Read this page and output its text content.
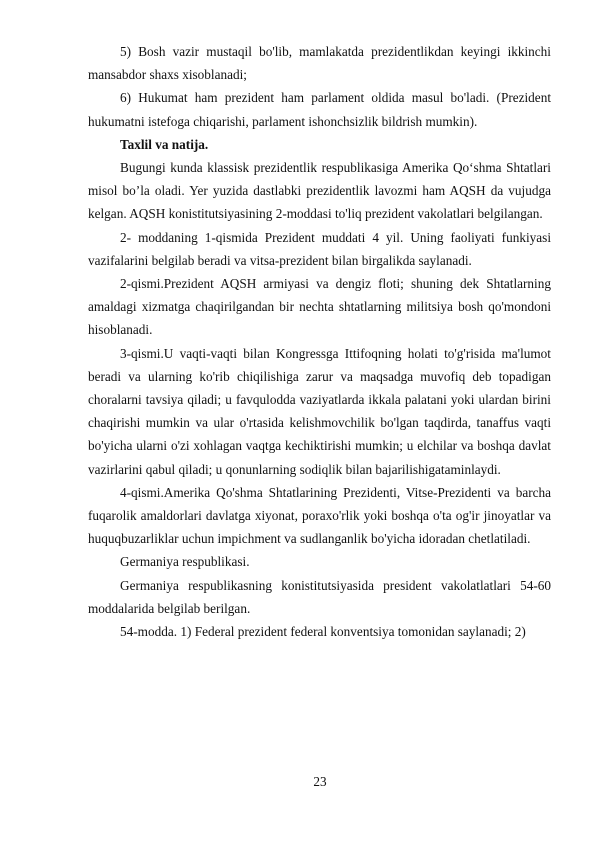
5) Bosh vazir mustaqil bo'lib, mamlakatda prezidentlikdan keyingi ikkinchi mansabdor shaxs xisoblanadi;

6) Hukumat ham prezident ham parlament oldida masul bo'ladi. (Prezident hukumatni istefoga chiqarishi, parlament ishonchsizlik bildrish mumkin).

Taxlil va natija.

Bugungi kunda klassisk prezidentlik respublikasiga Amerika Qo‘shma Shtatlari misol bo’la oladi. Yer yuzida dastlabki prezidentlik lavozmi ham AQSH da vujudga kelgan. AQSH konistitutsiyasining 2-moddasi to'liq prezident vakolatlari belgilangan.

2- moddaning 1-qismida Prezident muddati 4 yil. Uning faoliyati funkiyasi vazifalarini belgilab beradi va vitsa-prezident bilan birgalikda saylanadi.

2-qismi.Prezident AQSH armiyasi va dengiz floti; shuning dek Shtatlarning amaldagi xizmatga chaqirilgandan bir nechta shtatlarning militsiya bosh qo'mondoni hisoblanadi.

3-qismi.U vaqti-vaqti bilan Kongressga Ittifoqning holati to'g'risida ma'lumot beradi va ularning ko'rib chiqilishiga zarur va maqsadga muvofiq deb topadigan choralarni tavsiya qiladi; u favqulodda vaziyatlarda ikkala palatani yoki ulardan birini chaqirishi mumkin va ular o'rtasida kelishmovchilik bo'lgan taqdirda, tanaffus vaqti bo'yicha ularni o'zi xohlagan vaqtga kechiktirishi mumkin; u elchilar va boshqa davlat vazirlarini qabul qiladi; u qonunlarning sodiqlik bilan bajarilishigataminlaydi.

4-qismi.Amerika Qo'shma Shtatlarining Prezidenti, Vitse-Prezidenti va barcha fuqarolik amaldorlari davlatga xiyonat, poraxo'rlik yoki boshqa o'ta og'ir jinoyatlar va huquqbuzarliklar uchun impichment va sudlanganlik bo'yicha idoradan chetlatiladi.

Germaniya respublikasi.

Germaniya respublikasning konistitutsiyasida president vakolatlatlari 54-60 moddalarida belgilab berilgan.

54-modda. 1) Federal prezident federal konventsiya tomonidan saylanadi; 2)

23
